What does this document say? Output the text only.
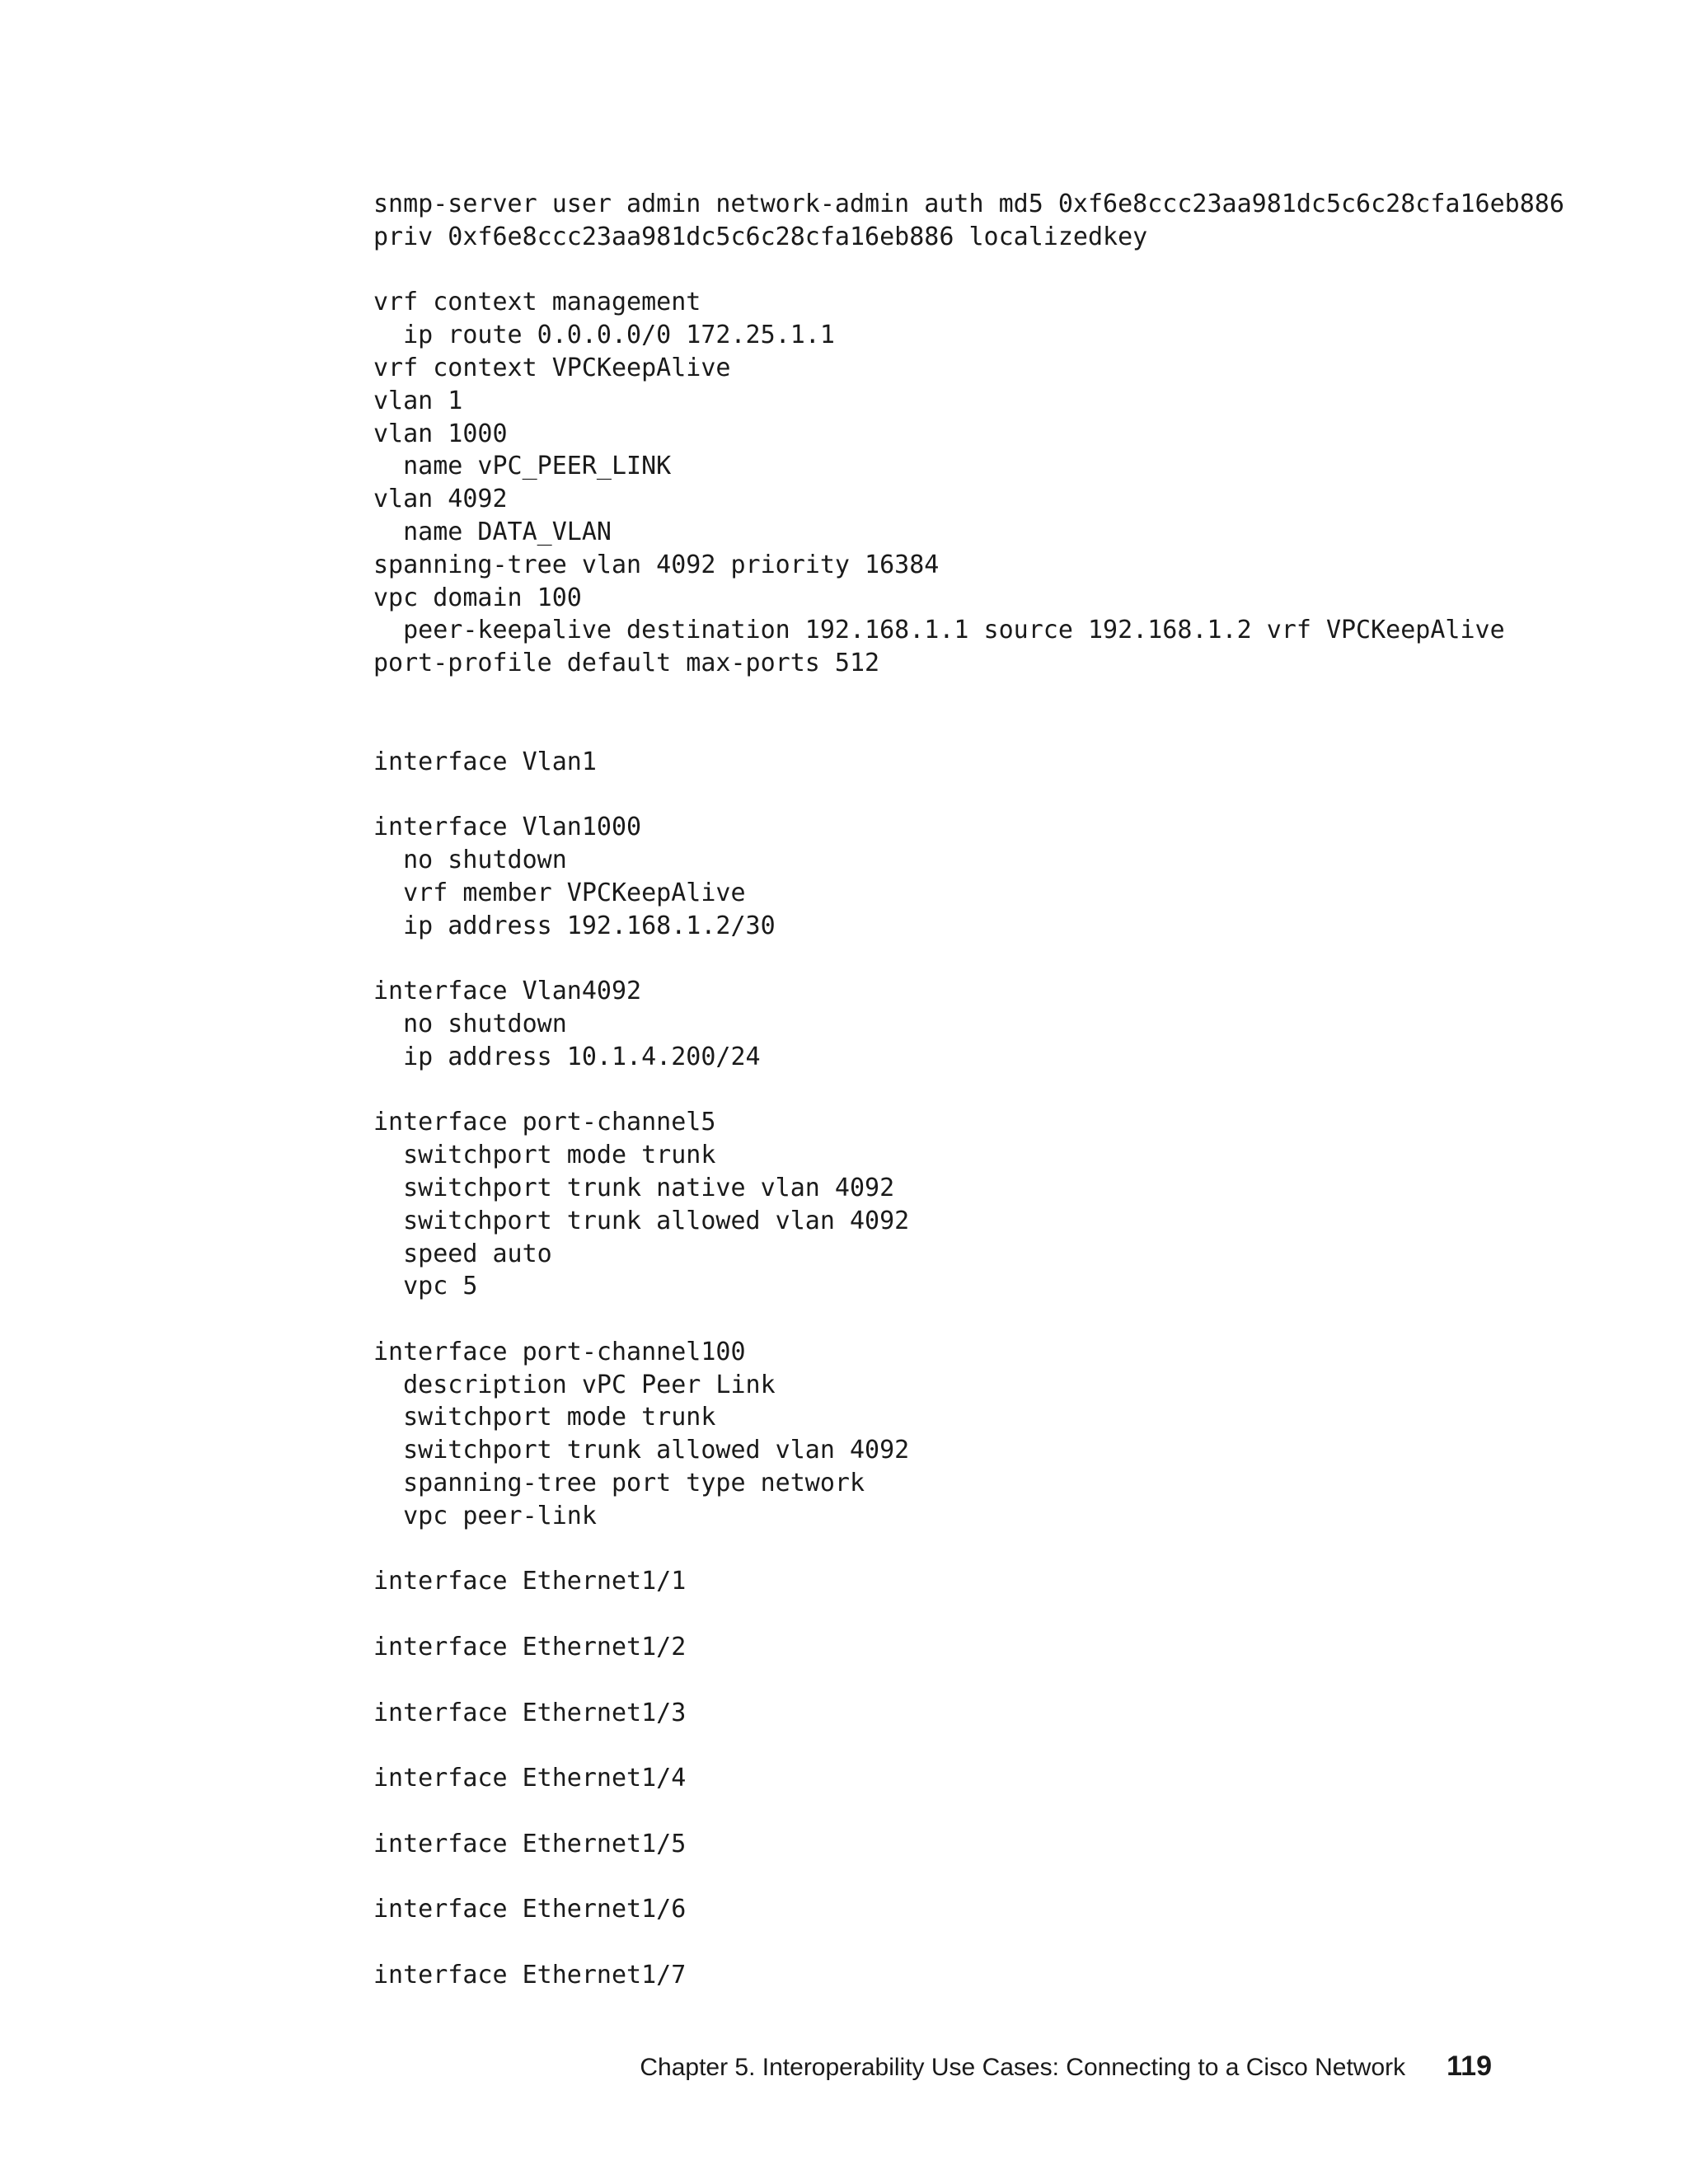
snmp-server user admin network-admin auth md5 0xf6e8ccc23aa981dc5c6c28cfa16eb886
priv 0xf6e8ccc23aa981dc5c6c28cfa16eb886 localizedkey
vrf context management
ip route 0.0.0.0/0 172.25.1.1
vrf context VPCKeepAlive
vlan 1
vlan 1000
name vPC_PEER_LINK
vlan 4092
name DATA_VLAN
spanning-tree vlan 4092 priority 16384
vpc domain 100
peer-keepalive destination 192.168.1.1 source 192.168.1.2 vrf VPCKeepAlive
port-profile default max-ports 512
interface Vlan1
interface Vlan1000
no shutdown
vrf member VPCKeepAlive
ip address 192.168.1.2/30
interface Vlan4092
no shutdown
ip address 10.1.4.200/24
interface port-channel5
switchport mode trunk
switchport trunk native vlan 4092
switchport trunk allowed vlan 4092
speed auto
vpc 5
interface port-channel100
description vPC Peer Link
switchport mode trunk
switchport trunk allowed vlan 4092
spanning-tree port type network
vpc peer-link
interface Ethernet1/1
interface Ethernet1/2
interface Ethernet1/3
interface Ethernet1/4
interface Ethernet1/5
interface Ethernet1/6
interface Ethernet1/7
Chapter 5. Interoperability Use Cases: Connecting to a Cisco Network 119
